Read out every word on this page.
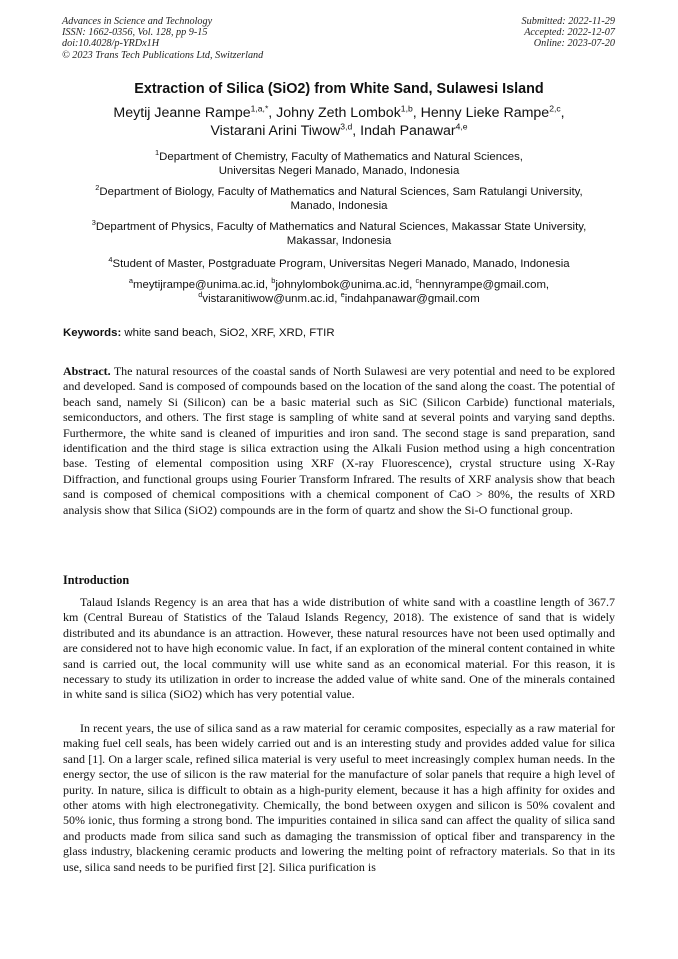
Advances in Science and Technology
ISSN: 1662-0356, Vol. 128, pp 9-15
doi:10.4028/p-YRDx1H
© 2023 Trans Tech Publications Ltd, Switzerland
Submitted: 2022-11-29
Accepted: 2022-12-07
Online: 2023-07-20
Extraction of Silica (SiO2) from White Sand, Sulawesi Island
Meytij Jeanne Rampe$^{1,a,*}$, Johny Zeth Lombok$^{1,b}$, Henny Lieke Rampe$^{2,c}$,
Vistarani Arini Tiwow$^{3,d}$, Indah Panawar$^{4,e}$
$^1$Department of Chemistry, Faculty of Mathematics and Natural Sciences,
Universitas Negeri Manado, Manado, Indonesia
$^2$Department of Biology, Faculty of Mathematics and Natural Sciences, Sam Ratulangi University,
Manado, Indonesia
$^3$Department of Physics, Faculty of Mathematics and Natural Sciences, Makassar State University,
Makassar, Indonesia
$^4$Student of Master, Postgraduate Program, Universitas Negeri Manado, Manado, Indonesia
$^a$meytijrampe@unima.ac.id, $^b$johnylombok@unima.ac.id, $^c$hennyrampe@gmail.com,
$^d$vistaranitiwow@unm.ac.id, $^e$indahpanawar@gmail.com
Keywords: white sand beach, SiO2, XRF, XRD, FTIR
Abstract. The natural resources of the coastal sands of North Sulawesi are very potential and need to be explored and developed. Sand is composed of compounds based on the location of the sand along the coast. The potential of beach sand, namely Si (Silicon) can be a basic material such as SiC (Silicon Carbide) functional materials, semiconductors, and others. The first stage is sampling of white sand at several points and varying sand depths. Furthermore, the white sand is cleaned of impurities and iron sand. The second stage is sand preparation, sand identification and the third stage is silica extraction using the Alkali Fusion method using a high concentration base. Testing of elemental composition using XRF (X-ray Fluorescence), crystal structure using X-Ray Diffraction, and functional groups using Fourier Transform Infrared. The results of XRF analysis show that beach sand is composed of chemical compositions with a chemical component of CaO > 80%, the results of XRD analysis show that Silica (SiO2) compounds are in the form of quartz and show the Si-O functional group.
Introduction
Talaud Islands Regency is an area that has a wide distribution of white sand with a coastline length of 367.7 km (Central Bureau of Statistics of the Talaud Islands Regency, 2018). The existence of sand that is widely distributed and its abundance is an attraction. However, these natural resources have not been used optimally and are considered not to have high economic value. In fact, if an exploration of the mineral content contained in white sand is carried out, the local community will use white sand as an economical material. For this reason, it is necessary to study its utilization in order to increase the added value of white sand. One of the minerals contained in white sand is silica (SiO2) which has very potential value.
In recent years, the use of silica sand as a raw material for ceramic composites, especially as a raw material for making fuel cell seals, has been widely carried out and is an interesting study and provides added value for silica sand [1]. On a larger scale, refined silica material is very useful to meet increasingly complex human needs. In the energy sector, the use of silicon is the raw material for the manufacture of solar panels that require a high level of purity. In nature, silica is difficult to obtain as a high-purity element, because it has a high affinity for oxides and other atoms with high electronegativity. Chemically, the bond between oxygen and silicon is 50% covalent and 50% ionic, thus forming a strong bond. The impurities contained in silica sand can affect the quality of silica sand and products made from silica sand such as damaging the transmission of optical fiber and transparency in the glass industry, blackening ceramic products and lowering the melting point of refractory materials. So that in its use, silica sand needs to be purified first [2]. Silica purification is
